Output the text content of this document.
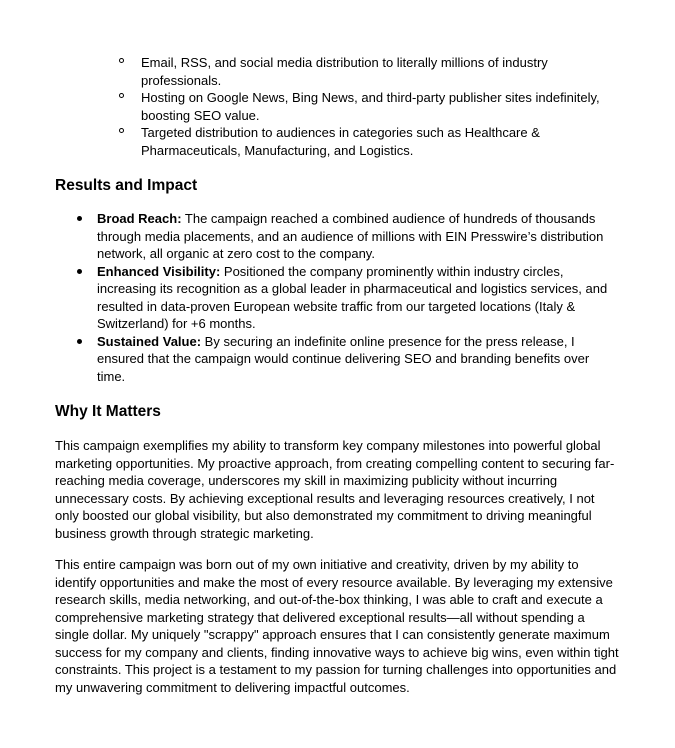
Email, RSS, and social media distribution to literally millions of industry professionals.
Hosting on Google News, Bing News, and third-party publisher sites indefinitely, boosting SEO value.
Targeted distribution to audiences in categories such as Healthcare & Pharmaceuticals, Manufacturing, and Logistics.
Results and Impact
Broad Reach: The campaign reached a combined audience of hundreds of thousands through media placements, and an audience of millions with EIN Presswire’s distribution network, all organic at zero cost to the company.
Enhanced Visibility: Positioned the company prominently within industry circles, increasing its recognition as a global leader in pharmaceutical and logistics services, and resulted in data-proven European website traffic from our targeted locations (Italy & Switzerland) for +6 months.
Sustained Value: By securing an indefinite online presence for the press release, I ensured that the campaign would continue delivering SEO and branding benefits over time.
Why It Matters

This campaign exemplifies my ability to transform key company milestones into powerful global marketing opportunities. My proactive approach, from creating compelling content to securing far-reaching media coverage, underscores my skill in maximizing publicity without incurring unnecessary costs. By achieving exceptional results and leveraging resources creatively, I not only boosted our global visibility, but also demonstrated my commitment to driving meaningful business growth through strategic marketing.

This entire campaign was born out of my own initiative and creativity, driven by my ability to identify opportunities and make the most of every resource available. By leveraging my extensive research skills, media networking, and out-of-the-box thinking, I was able to craft and execute a comprehensive marketing strategy that delivered exceptional results—all without spending a single dollar. My uniquely "scrappy" approach ensures that I can consistently generate maximum success for my company and clients, finding innovative ways to achieve big wins, even within tight constraints. This project is a testament to my passion for turning challenges into opportunities and my unwavering commitment to delivering impactful outcomes.
